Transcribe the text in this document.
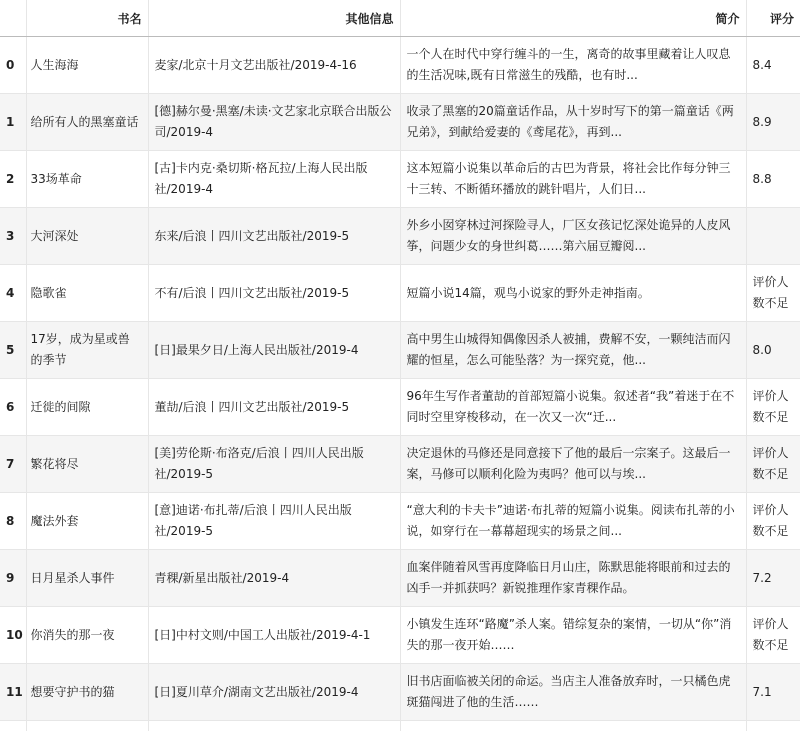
	书名	其他信息	简介	评分
0	人生海海	麦家/北京十月文艺出版社/2019-4-16	一个人在时代中穿行缠斗的一生，离奇的故事里藏着让人叹息的生活况味,既有日常滋生的残酷，也有时...	8.4
1	给所有人的黑塞童话	[德]赫尔曼·黑塞/未读·文艺家北京联合出版公司/2019-4	收录了黑塞的20篇童话作品，从十岁时写下的第一篇童话《两兄弟》，到献给爱妻的《鸢尾花》，再到...	8.9
2	33场革命	[古]卡内克·桑切斯·格瓦拉/上海人民出版社/2019-4	这本短篇小说集以革命后的古巴为背景，将社会比作每分钟三十三转、不断循环播放的跳针唱片，人们日...	8.8
3	大河深处	东来/后浪丨四川文艺出版社/2019-5	外乡小囡穿林过河探险寻人，厂区女孩记忆深处诡异的人皮风筝，问题少女的身世纠葛……第六届豆瓣阅...	

4	隐歌雀	不有/后浪丨四川文艺出版社/2019-5	短篇小说14篇，观鸟小说家的野外走神指南。	评价人数不足
5	17岁，成为星或兽的季节	[日]最果夕日/上海人民出版社/2019-4	高中男生山城得知偶像因杀人被捕，费解不安，一颗纯洁而闪耀的恒星，怎么可能坠落？为一探究竟，他...	8.0
6	迁徙的间隙	董劼/后浪丨四川文艺出版社/2019-5	96年生写作者董劼的首部短篇小说集。叙述者“我”着迷于在不同时空里穿梭移动，在一次又一次“迁...	评价人数不足
7	繁花将尽	[美]劳伦斯·布洛克/后浪丨四川人民出版社/2019-5	决定退休的马修还是同意接下了他的最后一宗案子。这最后一案，马修可以顺利化险为夷吗？他可以与埃...	评价人数不足
8	魔法外套	[意]迪诺·布扎蒂/后浪丨四川人民出版社/2019-5	“意大利的卡夫卡”迪诺·布扎蒂的短篇小说集。阅读布扎蒂的小说，如穿行在一幕幕超现实的场景之间...	评价人数不足
9	日月星杀人事件	青稞/新星出版社/2019-4	血案伴随着风雪再度降临日月山庄，陈默思能将眼前和过去的凶手一并抓获吗？新锐推理作家青稞作品。	7.2
10	你消失的那一夜	[日]中村文则/中国工人出版社/2019-4-1	小镇发生连环“路魔”杀人案。错综复杂的案情，一切从“你”消失的那一夜开始……	评价人数不足
11	想要守护书的猫	[日]夏川草介/湖南文艺出版社/2019-4	旧书店面临被关闭的命运。当店主人准备放弃时，一只橘色虎斑猫闯进了他的生活……	7.1
